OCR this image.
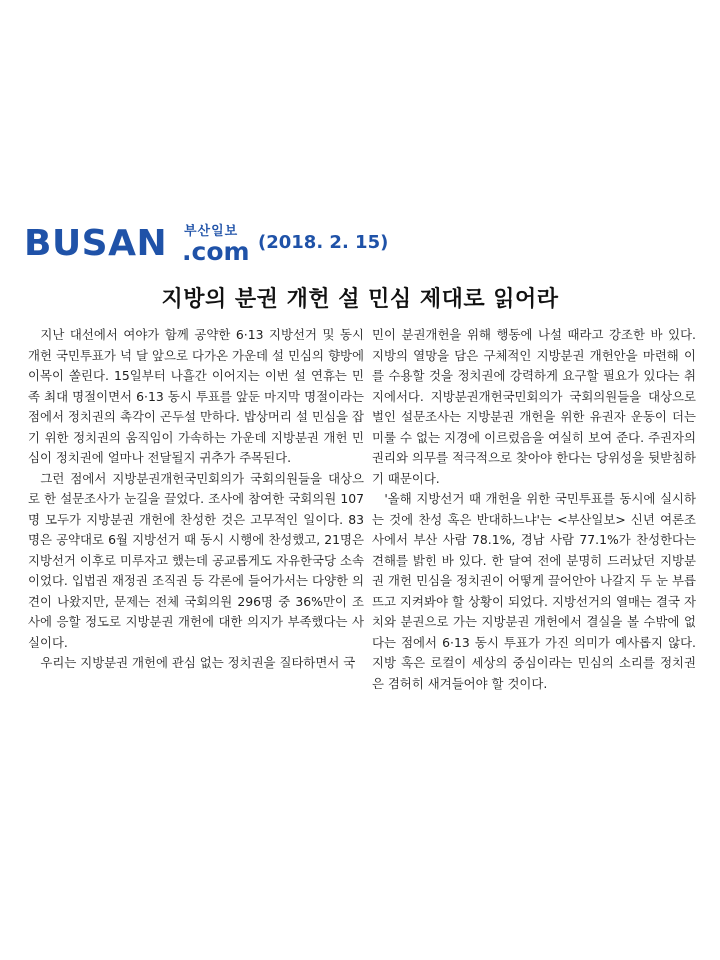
BUSAN 부산일보
.com (2018. 2. 15)
지방의 분권 개헌 설 민심 제대로 읽어라

지난 대선에서 여야가 함께 공약한 6·13 지방선거 및 동시 개헌 국민투표가 넉 달 앞으로 다가온 가운데 설 민심의 향방에 이목이 쏠린다. 15일부터 나흘간 이어지는 이번 설 연휴는 민족 최대 명절이면서 6·13 동시 투표를 앞둔 마지막 명절이라는 점에서 정치권의 촉각이 곤두설 만하다. 밥상머리 설 민심을 잡기 위한 정치권의 움직임이 가속하는 가운데 지방분권 개헌 민심이 정치권에 얼마나 전달될지 귀추가 주목된다.

그런 점에서 지방분권개헌국민회의가 국회의원들을 대상으로 한 설문조사가 눈길을 끌었다. 조사에 참여한 국회의원 107명 모두가 지방분권 개헌에 찬성한 것은 고무적인 일이다. 83명은 공약대로 6월 지방선거 때 동시 시행에 찬성했고, 21명은 지방선거 이후로 미루자고 했는데 공교롭게도 자유한국당 소속이었다. 입법권 재정권 조직권 등 각론에 들어가서는 다양한 의견이 나왔지만, 문제는 전체 국회의원 296명 중 36%만이 조사에 응할 정도로 지방분권 개헌에 대한 의지가 부족했다는 사실이다.

우리는 지방분권 개헌에 관심 없는 정치권을 질타하면서 국

민이 분권개헌을 위해 행동에 나설 때라고 강조한 바 있다. 지방의 열망을 담은 구체적인 지방분권 개헌안을 마련해 이를 수용할 것을 정치권에 강력하게 요구할 필요가 있다는 취지에서다. 지방분권개헌국민회의가 국회의원들을 대상으로 벌인 설문조사는 지방분권 개헌을 위한 유권자 운동이 더는 미룰 수 없는 지경에 이르렀음을 여실히 보여 준다. 주권자의 권리와 의무를 적극적으로 찾아야 한다는 당위성을 뒷받침하기 때문이다.

'올해 지방선거 때 개헌을 위한 국민투표를 동시에 실시하는 것에 찬성 혹은 반대하느냐'는 <부산일보> 신년 여론조사에서 부산 사람 78.1%, 경남 사람 77.1%가 찬성한다는 견해를 밝힌 바 있다. 한 달여 전에 분명히 드러났던 지방분권 개헌 민심을 정치권이 어떻게 끌어안아 나갈지 두 눈 부릅뜨고 지켜봐야 할 상황이 되었다. 지방선거의 열매는 결국 자치와 분권으로 가는 지방분권 개헌에서 결실을 볼 수밖에 없다는 점에서 6·13 동시 투표가 가진 의미가 예사롭지 않다. 지방 혹은 로컬이 세상의 중심이라는 민심의 소리를 정치권은 겸허히 새겨들어야 할 것이다.
